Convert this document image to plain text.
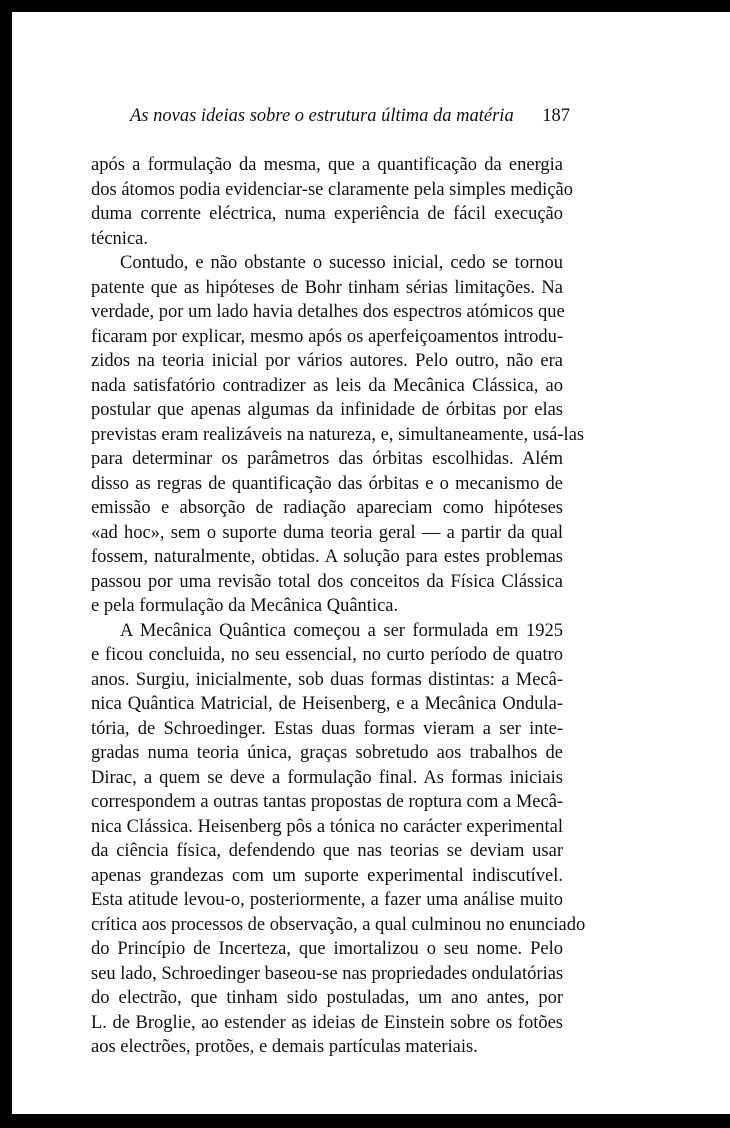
As novas ideias sobre o estrutura última da matéria 187
após a formulação da mesma, que a quantificação da energia
dos átomos podia evidenciar-se claramente pela simples medição
duma corrente eléctrica, numa experiência de fácil execução
técnica.
Contudo, e não obstante o sucesso inicial, cedo se tornou
patente que as hipóteses de Bohr tinham sérias limitações. Na
verdade, por um lado havia detalhes dos espectros atómicos que
ficaram por explicar, mesmo após os aperfeiçoamentos introdu-
zidos na teoria inicial por vários autores. Pelo outro, não era
nada satisfatório contradizer as leis da Mecânica Clássica, ao
postular que apenas algumas da infinidade de órbitas por elas
previstas eram realizáveis na natureza, e, simultaneamente, usá-las
para determinar os parâmetros das órbitas escolhidas. Além
disso as regras de quantificação das órbitas e o mecanismo de
emissão e absorção de radiação apareciam como hipóteses
«ad hoc», sem o suporte duma teoria geral — a partir da qual
fossem, naturalmente, obtidas. A solução para estes problemas
passou por uma revisão total dos conceitos da Física Clássica
e pela formulação da Mecânica Quântica.
A Mecânica Quântica começou a ser formulada em 1925
e ficou concluida, no seu essencial, no curto período de quatro
anos. Surgiu, inicialmente, sob duas formas distintas: a Mecâ-
nica Quântica Matricial, de Heisenberg, e a Mecânica Ondula-
tória, de Schroedinger. Estas duas formas vieram a ser inte-
gradas numa teoria única, graças sobretudo aos trabalhos de
Dirac, a quem se deve a formulação final. As formas iniciais
correspondem a outras tantas propostas de roptura com a Mecâ-
nica Clássica. Heisenberg pôs a tónica no carácter experimental
da ciência física, defendendo que nas teorias se deviam usar
apenas grandezas com um suporte experimental indiscutível.
Esta atitude levou-o, posteriormente, a fazer uma análise muito
crítica aos processos de observação, a qual culminou no enunciado
do Princípio de Incerteza, que imortalizou o seu nome. Pelo
seu lado, Schroedinger baseou-se nas propriedades ondulatórias
do electrão, que tinham sido postuladas, um ano antes, por
L. de Broglie, ao estender as ideias de Einstein sobre os fotões
aos electrões, protões, e demais partículas materiais.
